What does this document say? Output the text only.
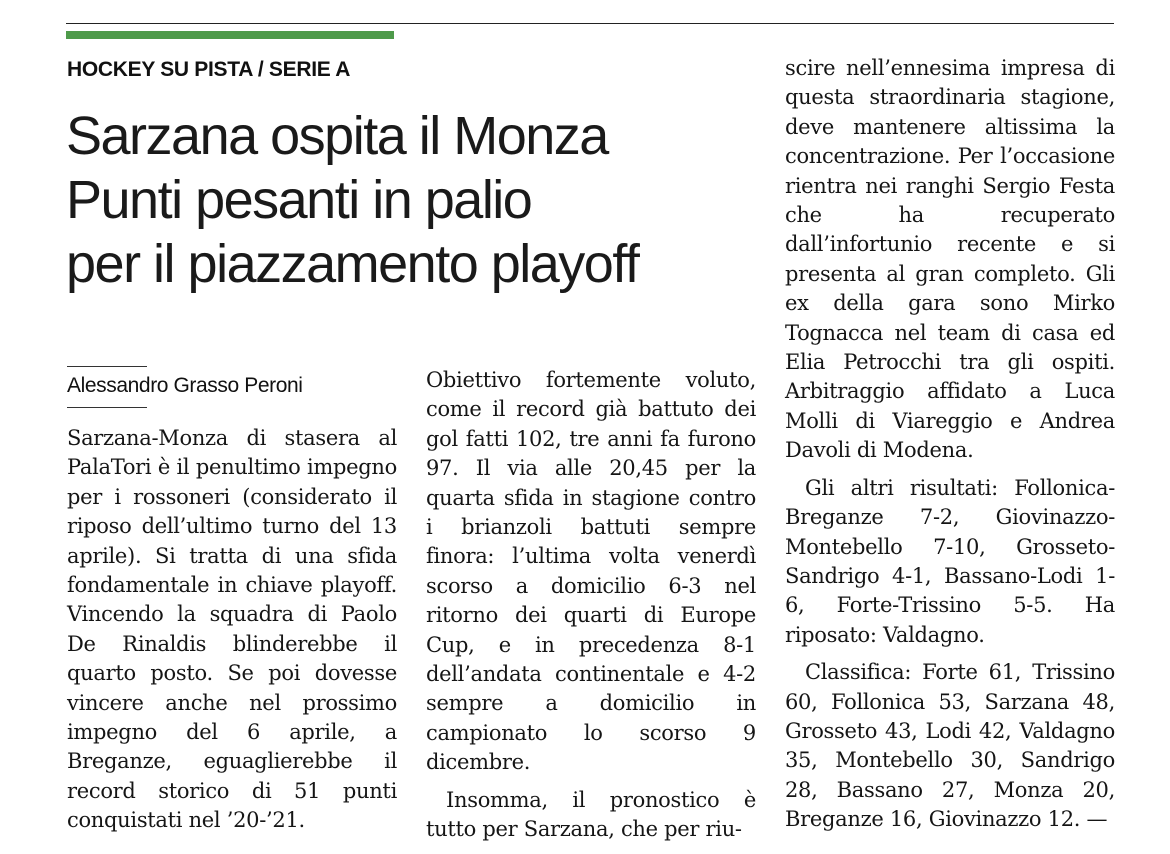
HOCKEY SU PISTA / SERIE A
Sarzana ospita il Monza
Punti pesanti in palio
per il piazzamento playoff
Alessandro Grasso Peroni

Sarzana-Monza di stasera al PalaTori è il penultimo impegno per i rossoneri (considerato il riposo dell’ultimo turno del 13 aprile). Si tratta di una sfida fondamentale in chiave playoff. Vincendo la squadra di Paolo De Rinaldis blinderebbe il quarto posto. Se poi dovesse vincere anche nel prossimo impegno del 6 aprile, a Breganze, eguaglierebbe il record storico di 51 punti conquistati nel ’20-’21.

Obiettivo fortemente voluto, come il record già battuto dei gol fatti 102, tre anni fa furono 97. Il via alle 20,45 per la quarta sfida in stagione contro i brianzoli battuti sempre finora: l’ultima volta venerdì scorso a domicilio 6-3 nel ritorno dei quarti di Europe Cup, e in precedenza 8-1 dell’andata continentale e 4-2 sempre a domicilio in campionato lo scorso 9 dicembre.

Insomma, il pronostico è tutto per Sarzana, che per riu-

scire nell’ennesima impresa di questa straordinaria stagione, deve mantenere altissima la concentrazione. Per l’occasione rientra nei ranghi Sergio Festa che ha recuperato dall’infortunio recente e si presenta al gran completo. Gli ex della gara sono Mirko Tognacca nel team di casa ed Elia Petrocchi tra gli ospiti. Arbitraggio affidato a Luca Molli di Viareggio e Andrea Davoli di Modena.

Gli altri risultati: Follonica-Breganze 7-2, Giovinazzo-Montebello 7-10, Grosseto-Sandrigo 4-1, Bassano-Lodi 1-6, Forte-Trissino 5-5. Ha riposato: Valdagno.

Classifica: Forte 61, Trissino 60, Follonica 53, Sarzana 48, Grosseto 43, Lodi 42, Valdagno 35, Montebello 30, Sandrigo 28, Bassano 27, Monza 20, Breganze 16, Giovinazzo 12. —
